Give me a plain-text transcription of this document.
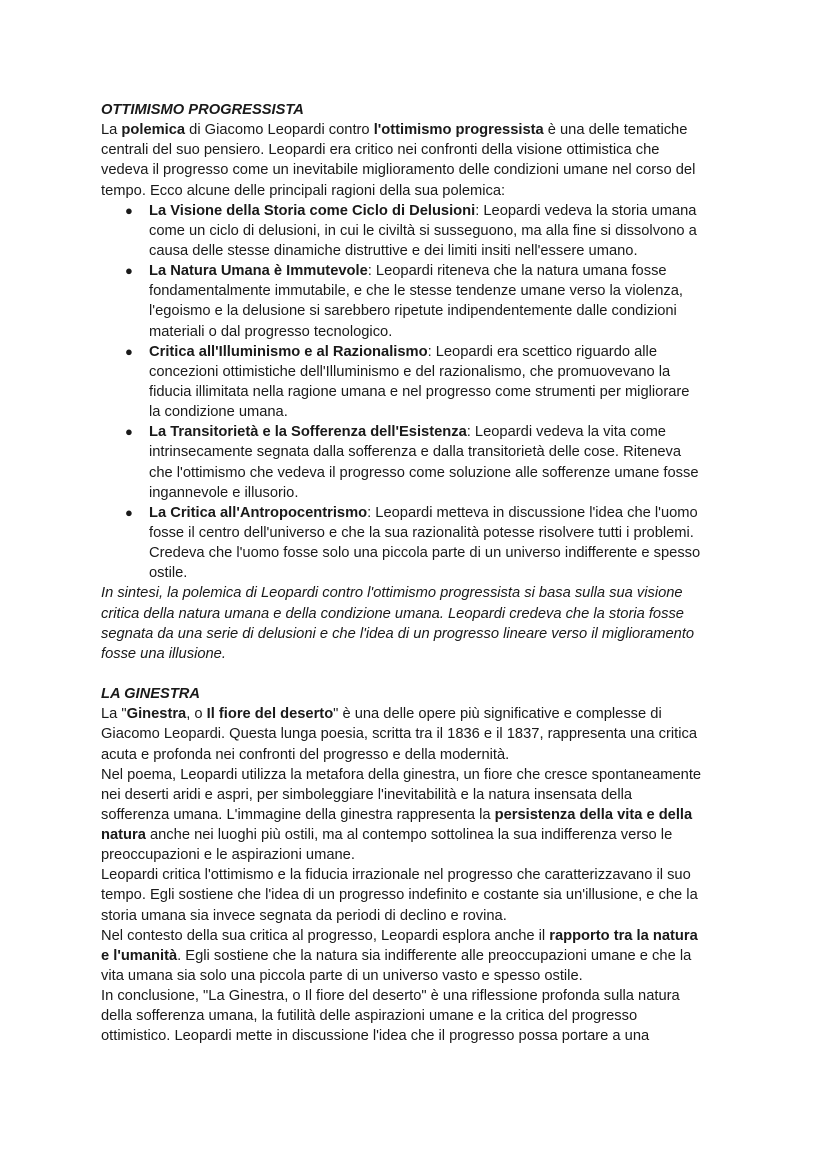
OTTIMISMO PROGRESSISTA
La polemica di Giacomo Leopardi contro l'ottimismo progressista è una delle tematiche
centrali del suo pensiero. Leopardi era critico nei confronti della visione ottimistica che
vedeva il progresso come un inevitabile miglioramento delle condizioni umane nel corso del
tempo. Ecco alcune delle principali ragioni della sua polemica:
● La Visione della Storia come Ciclo di Delusioni: Leopardi vedeva la storia umana
come un ciclo di delusioni, in cui le civiltà si susseguono, ma alla fine si dissolvono a
causa delle stesse dinamiche distruttive e dei limiti insiti nell'essere umano.
● La Natura Umana è Immutevole: Leopardi riteneva che la natura umana fosse
fondamentalmente immutabile, e che le stesse tendenze umane verso la violenza,
l'egoismo e la delusione si sarebbero ripetute indipendentemente dalle condizioni
materiali o dal progresso tecnologico.
● Critica all'Illuminismo e al Razionalismo: Leopardi era scettico riguardo alle
concezioni ottimistiche dell'Illuminismo e del razionalismo, che promuovevano la
fiducia illimitata nella ragione umana e nel progresso come strumenti per migliorare
la condizione umana.
● La Transitorietà e la Sofferenza dell'Esistenza: Leopardi vedeva la vita come
intrinsecamente segnata dalla sofferenza e dalla transitorietà delle cose. Riteneva
che l'ottimismo che vedeva il progresso come soluzione alle sofferenze umane fosse
ingannevole e illusorio.
● La Critica all'Antropocentrismo: Leopardi metteva in discussione l'idea che l'uomo
fosse il centro dell'universo e che la sua razionalità potesse risolvere tutti i problemi.
Credeva che l'uomo fosse solo una piccola parte di un universo indifferente e spesso
ostile.
In sintesi, la polemica di Leopardi contro l'ottimismo progressista si basa sulla sua visione
critica della natura umana e della condizione umana. Leopardi credeva che la storia fosse
segnata da una serie di delusioni e che l'idea di un progresso lineare verso il miglioramento
fosse una illusione.
LA GINESTRA
La "Ginestra, o Il fiore del deserto" è una delle opere più significative e complesse di
Giacomo Leopardi. Questa lunga poesia, scritta tra il 1836 e il 1837, rappresenta una critica
acuta e profonda nei confronti del progresso e della modernità.
Nel poema, Leopardi utilizza la metafora della ginestra, un fiore che cresce spontaneamente
nei deserti aridi e aspri, per simboleggiare l'inevitabilità e la natura insensata della
sofferenza umana. L'immagine della ginestra rappresenta la persistenza della vita e della
natura anche nei luoghi più ostili, ma al contempo sottolinea la sua indifferenza verso le
preoccupazioni e le aspirazioni umane.
Leopardi critica l'ottimismo e la fiducia irrazionale nel progresso che caratterizzavano il suo
tempo. Egli sostiene che l'idea di un progresso indefinito e costante sia un'illusione, e che la
storia umana sia invece segnata da periodi di declino e rovina.
Nel contesto della sua critica al progresso, Leopardi esplora anche il rapporto tra la natura
e l'umanità. Egli sostiene che la natura sia indifferente alle preoccupazioni umane e che la
vita umana sia solo una piccola parte di un universo vasto e spesso ostile.
In conclusione, "La Ginestra, o Il fiore del deserto" è una riflessione profonda sulla natura
della sofferenza umana, la futilità delle aspirazioni umane e la critica del progresso
ottimistico. Leopardi mette in discussione l'idea che il progresso possa portare a una
